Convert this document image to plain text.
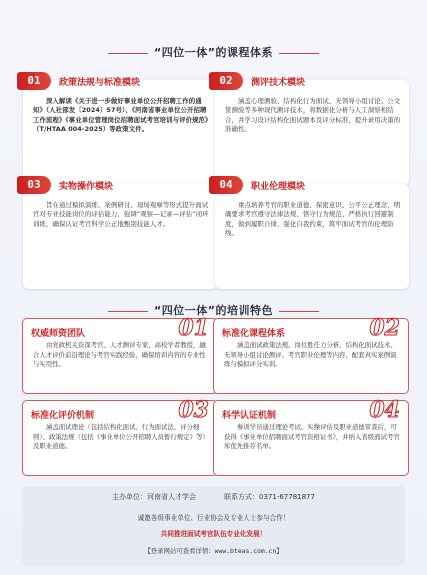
“四位一体”的课程体系
01	政策法规与标准模块
深入解读《关于进一步做好事业单位公开招聘工作的通知》（人社部发〔2024〕57号）、《河南省事业单位公开招聘工作流程》《事业单位管理岗位招聘面试考官培训与评价规范》（T/HTAA 004-2025）等政策文件。
02	测评技术模块
涵盖心理测验、结构化行为面试、无领导小组讨论、公文筐测验等多种现代测评技术，将数据化分析与人工洞察相结合，并学习设计结构化面试题本及评分标准，提升录用决策的准确性。
03	实物操作模块
旨在通过模拟演练、案例研讨、现场观摩等形式提升面试官对专业技能岗位的评估能力，强调“观察—记录—评估”闭环训练，确保认证考官科学公正地甄别技能人才。
04	职业伦理模块
重点培养考官的职业道德、保密意识、公平公正理念，明确要求考官遵守法律法规、恪守行为规范、严格执行回避制度，做到履职自律、强化自我约束，筑牢面试考官的伦理防线。
“四位一体”的培训特色
权威师资团队	01
由党政机关资深考官、人才测评专家、高校学者教授，融合人才评价前沿理论与考官实践经验，确保培训内容的专业性与实用性。
标准化课程体系	02
涵盖面试政策法规、岗位胜任力分析、结构化面试技术、无领导小组讨论测评、考官职业伦理等内容，配套真实案例演练与模拟评分实训。
标准化评价机制	03
涵盖面试理论（包括结构化面试、行为面试法、评分细则）、政策法规（包括《事业单位公开招聘人员暂行规定》等）及职业道德。
科学认证机制	04
参训学员通过理论考试、实操评估及职业道德审查后，可获得《事业单位招聘面试考官资格证书》，并纳入省级面试考官库优先推荐名单。
主办单位：河南省人才学会	联系方式：0371-67781877
诚邀各级事业单位、行业协会及专业人士参与合作！
共同推进面试考官队伍专业化发展！
【登录网站可查看详情：www.bteas.com.cn】
